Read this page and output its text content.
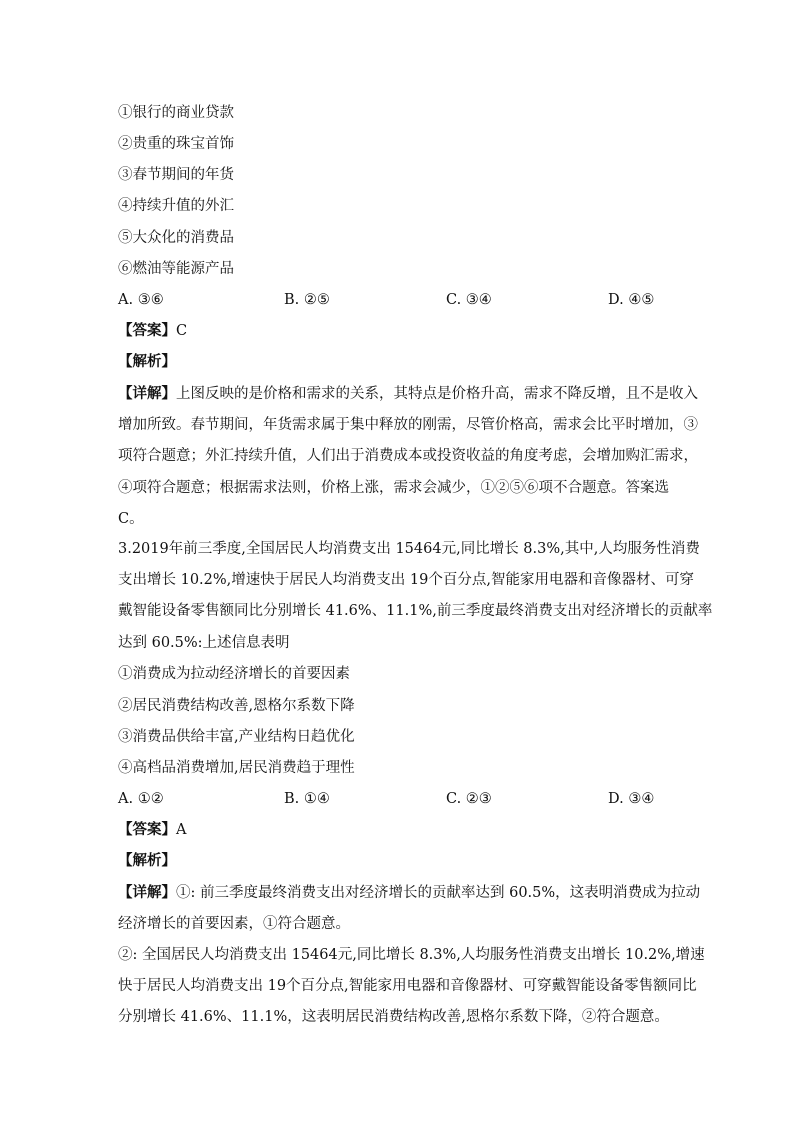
①银行的商业贷款
②贵重的珠宝首饰
③春节期间的年货
④持续升值的外汇
⑤大众化的消费品
⑥燃油等能源产品
A. ③⑥	B. ②⑤	C. ③④	D. ④⑤
【答案】C
【解析】
【详解】上图反映的是价格和需求的关系，其特点是价格升高，需求不降反增，且不是收入
增加所致。春节期间，年货需求属于集中释放的刚需，尽管价格高，需求会比平时增加，③
项符合题意；外汇持续升值，人们出于消费成本或投资收益的角度考虑，会增加购汇需求，
④项符合题意；根据需求法则，价格上涨，需求会减少，①②⑤⑥项不合题意。答案选
C。
3.2019年前三季度,全国居民人均消费支出 15464元,同比增长 8.3%,其中,人均服务性消费
支出增长 10.2%,增速快于居民人均消费支出 19个百分点,智能家用电器和音像器材、可穿
戴智能设备零售额同比分别增长 41.6%、11.1%,前三季度最终消费支出对经济增长的贡献率
达到 60.5%:上述信息表明
①消费成为拉动经济增长的首要因素
②居民消费结构改善,恩格尔系数下降
③消费品供给丰富,产业结构日趋优化
④高档品消费增加,居民消费趋于理性
A. ①②	B. ①④	C. ②③	D. ③④
【答案】A
【解析】
【详解】①: 前三季度最终消费支出对经济增长的贡献率达到 60.5%，这表明消费成为拉动
经济增长的首要因素，①符合题意。
②: 全国居民人均消费支出 15464元,同比增长 8.3%,人均服务性消费支出增长 10.2%,增速
快于居民人均消费支出 19个百分点,智能家用电器和音像器材、可穿戴智能设备零售额同比
分别增长 41.6%、11.1%，这表明居民消费结构改善,恩格尔系数下降，②符合题意。
